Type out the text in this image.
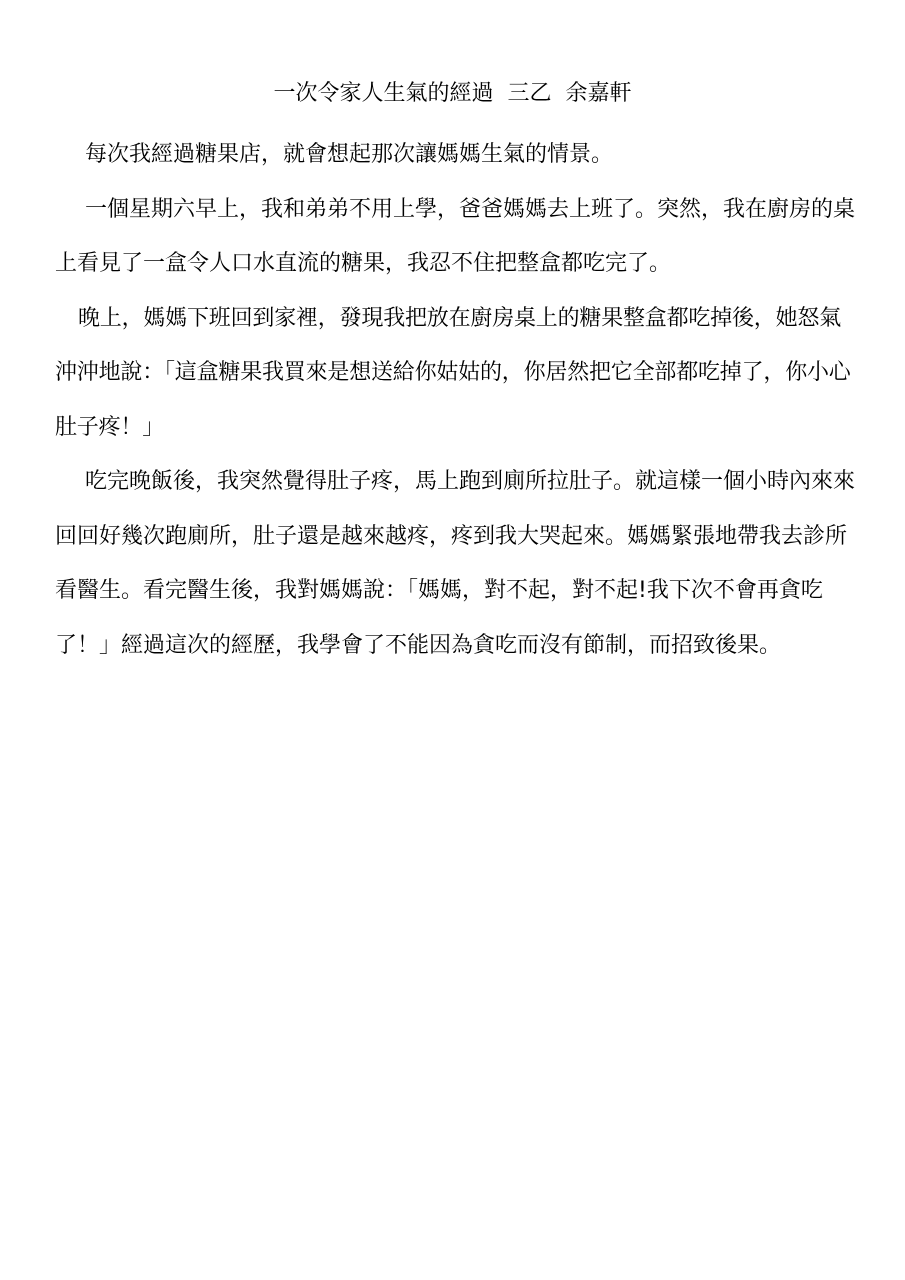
一次令家人生氣的經過  三乙  余嘉軒

每次我經過糖果店，就會想起那次讓媽媽生氣的情景。

一個星期六早上，我和弟弟不用上學，爸爸媽媽去上班了。突然，我在廚房的桌上看見了一盒令人口水直流的糖果，我忍不住把整盒都吃完了。

晚上，媽媽下班回到家裡，發現我把放在廚房桌上的糖果整盒都吃掉後，她怒氣沖沖地說：「這盒糖果我買來是想送給你姑姑的，你居然把它全部都吃掉了，你小心肚子疼！」

吃完晚飯後，我突然覺得肚子疼，馬上跑到廁所拉肚子。就這樣一個小時內來來回回好幾次跑廁所，肚子還是越來越疼，疼到我大哭起來。媽媽緊張地帶我去診所看醫生。看完醫生後，我對媽媽說：「媽媽，對不起，對不起!我下次不會再貪吃了！」經過這次的經歷，我學會了不能因為貪吃而沒有節制，而招致後果。
